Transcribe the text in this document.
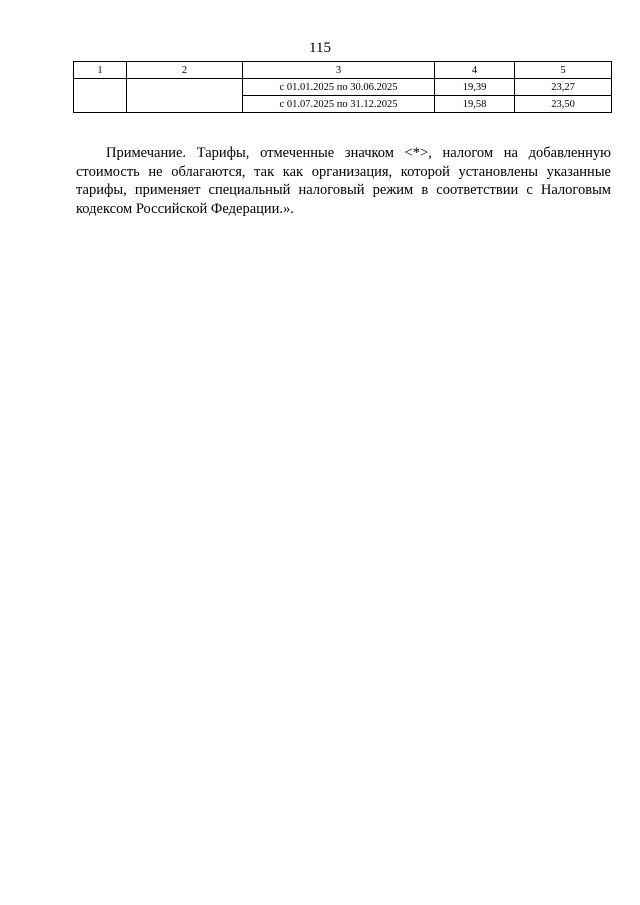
115
1	2	3	4	5
		с 01.01.2025 по 30.06.2025	19,39	23,27
		с 01.07.2025 по 31.12.2025	19,58	23,50

Примечание. Тарифы, отмеченные значком <*>, налогом на добавленную стоимость не облагаются, так как организация, которой установлены указанные тарифы, применяет специальный налоговый режим в соответствии с Налоговым кодексом Российской Федерации.».
